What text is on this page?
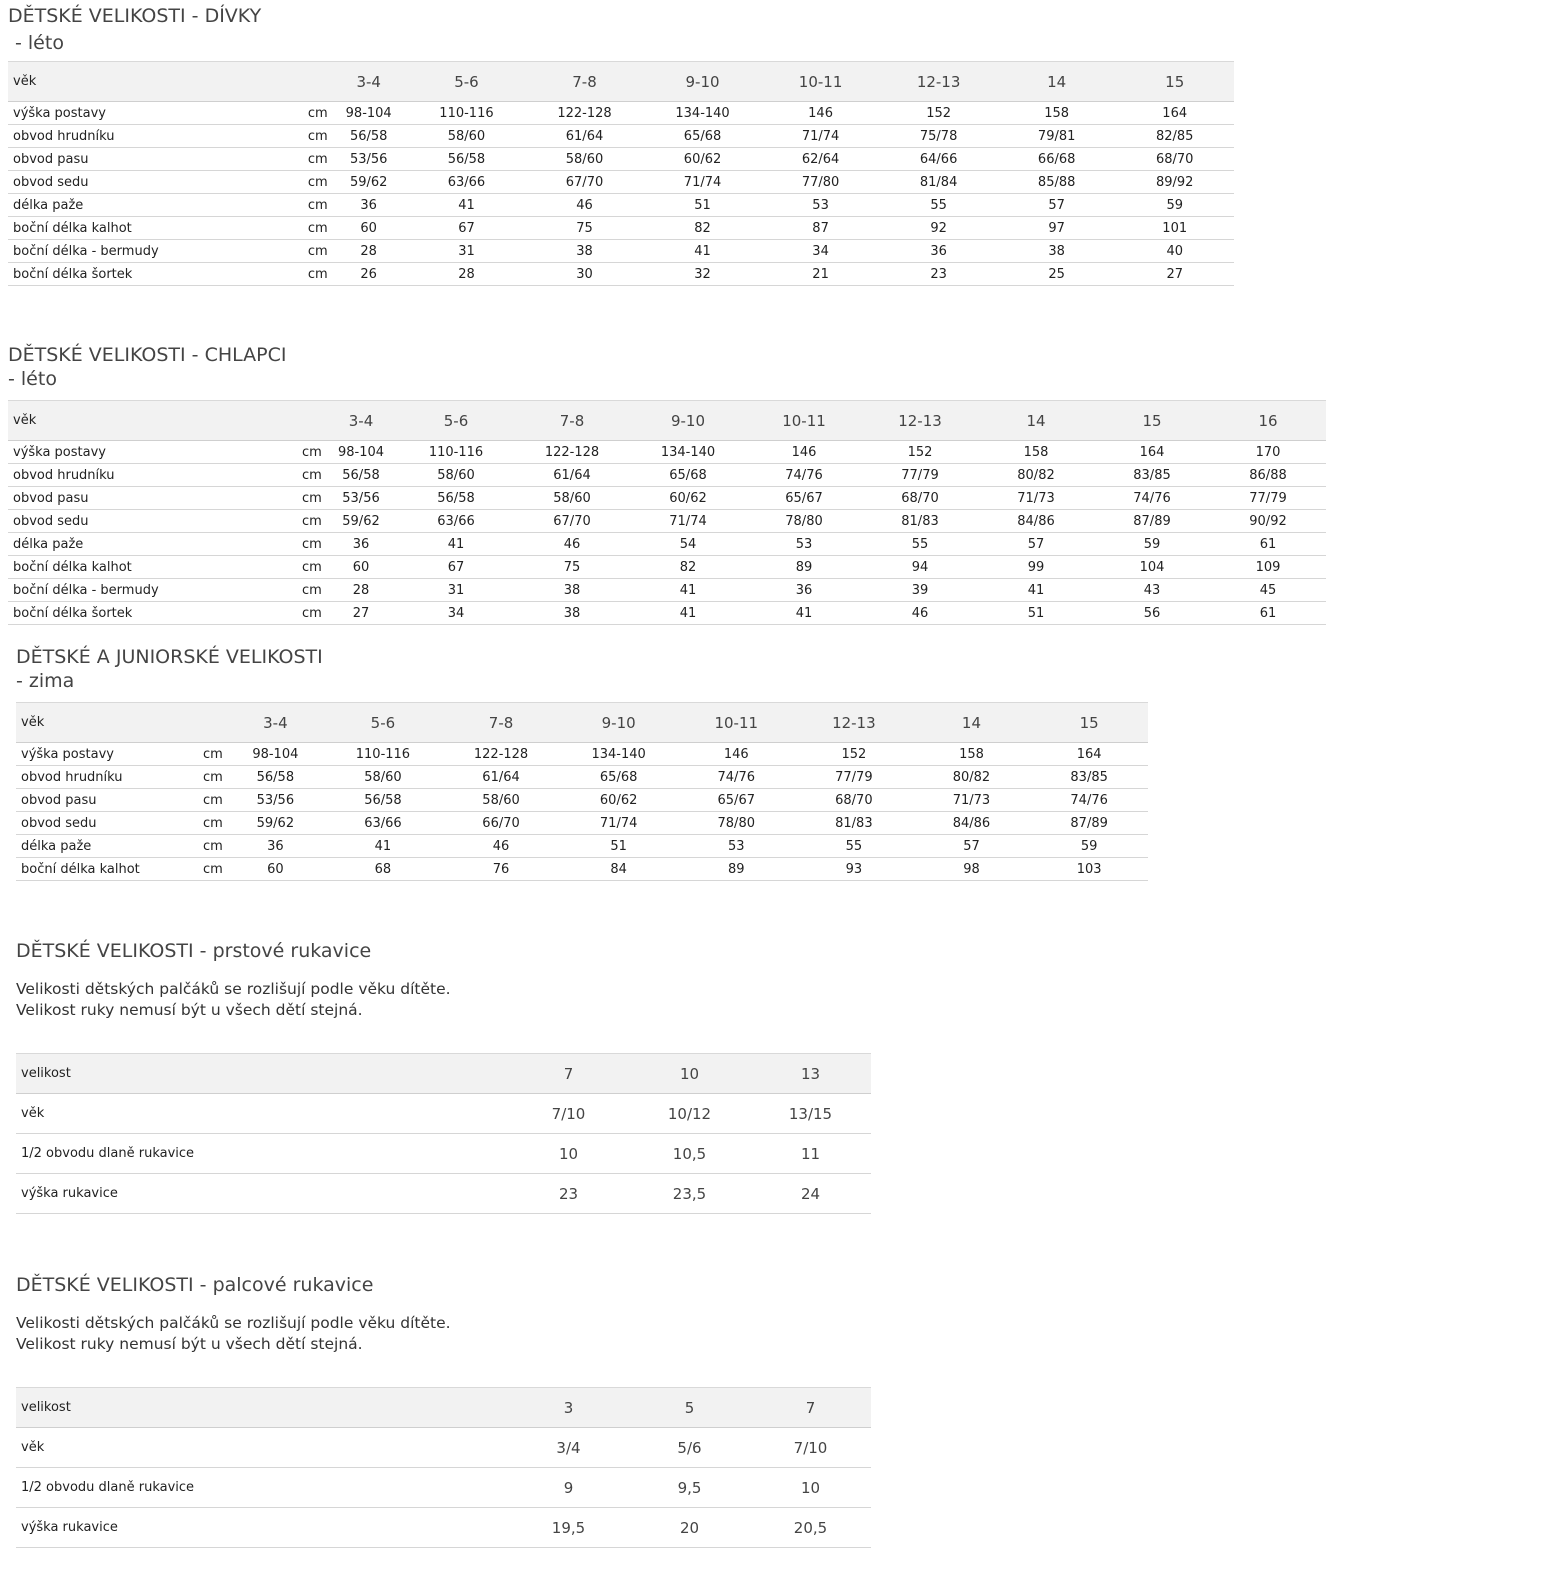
DĚTSKÉ VELIKOSTI - DÍVKY
- léto
věk		3-4	5-6	7-8	9-10	10-11	12-13	14	15
výška postavy	cm	98-104	110-116	122-128	134-140	146	152	158	164
obvod hrudníku	cm	56/58	58/60	61/64	65/68	71/74	75/78	79/81	82/85
obvod pasu	cm	53/56	56/58	58/60	60/62	62/64	64/66	66/68	68/70
obvod sedu	cm	59/62	63/66	67/70	71/74	77/80	81/84	85/88	89/92
délka paže	cm	36	41	46	51	53	55	57	59
boční délka kalhot	cm	60	67	75	82	87	92	97	101
boční délka - bermudy	cm	28	31	38	41	34	36	38	40
boční délka šortek	cm	26	28	30	32	21	23	25	27
DĚTSKÉ VELIKOSTI - CHLAPCI
- léto
věk		3-4	5-6	7-8	9-10	10-11	12-13	14	15	16
výška postavy	cm	98-104	110-116	122-128	134-140	146	152	158	164	170
obvod hrudníku	cm	56/58	58/60	61/64	65/68	74/76	77/79	80/82	83/85	86/88
obvod pasu	cm	53/56	56/58	58/60	60/62	65/67	68/70	71/73	74/76	77/79
obvod sedu	cm	59/62	63/66	67/70	71/74	78/80	81/83	84/86	87/89	90/92
délka paže	cm	36	41	46	54	53	55	57	59	61
boční délka kalhot	cm	60	67	75	82	89	94	99	104	109
boční délka - bermudy	cm	28	31	38	41	36	39	41	43	45
boční délka šortek	cm	27	34	38	41	41	46	51	56	61
DĚTSKÉ A JUNIORSKÉ VELIKOSTI
- zima
věk		3-4	5-6	7-8	9-10	10-11	12-13	14	15
výška postavy	cm	98-104	110-116	122-128	134-140	146	152	158	164
obvod hrudníku	cm	56/58	58/60	61/64	65/68	74/76	77/79	80/82	83/85
obvod pasu	cm	53/56	56/58	58/60	60/62	65/67	68/70	71/73	74/76
obvod sedu	cm	59/62	63/66	66/70	71/74	78/80	81/83	84/86	87/89
délka paže	cm	36	41	46	51	53	55	57	59
boční délka kalhot	cm	60	68	76	84	89	93	98	103
DĚTSKÉ VELIKOSTI - prstové rukavice
Velikosti dětských palčáků se rozlišují podle věku dítěte.
Velikost ruky nemusí být u všech dětí stejná.
velikost	7	10	13
věk	7/10	10/12	13/15
1/2 obvodu dlaně rukavice	10	10,5	11
výška rukavice	23	23,5	24
DĚTSKÉ VELIKOSTI - palcové rukavice
Velikosti dětských palčáků se rozlišují podle věku dítěte.
Velikost ruky nemusí být u všech dětí stejná.
velikost	3	5	7
věk	3/4	5/6	7/10
1/2 obvodu dlaně rukavice	9	9,5	10
výška rukavice	19,5	20	20,5
